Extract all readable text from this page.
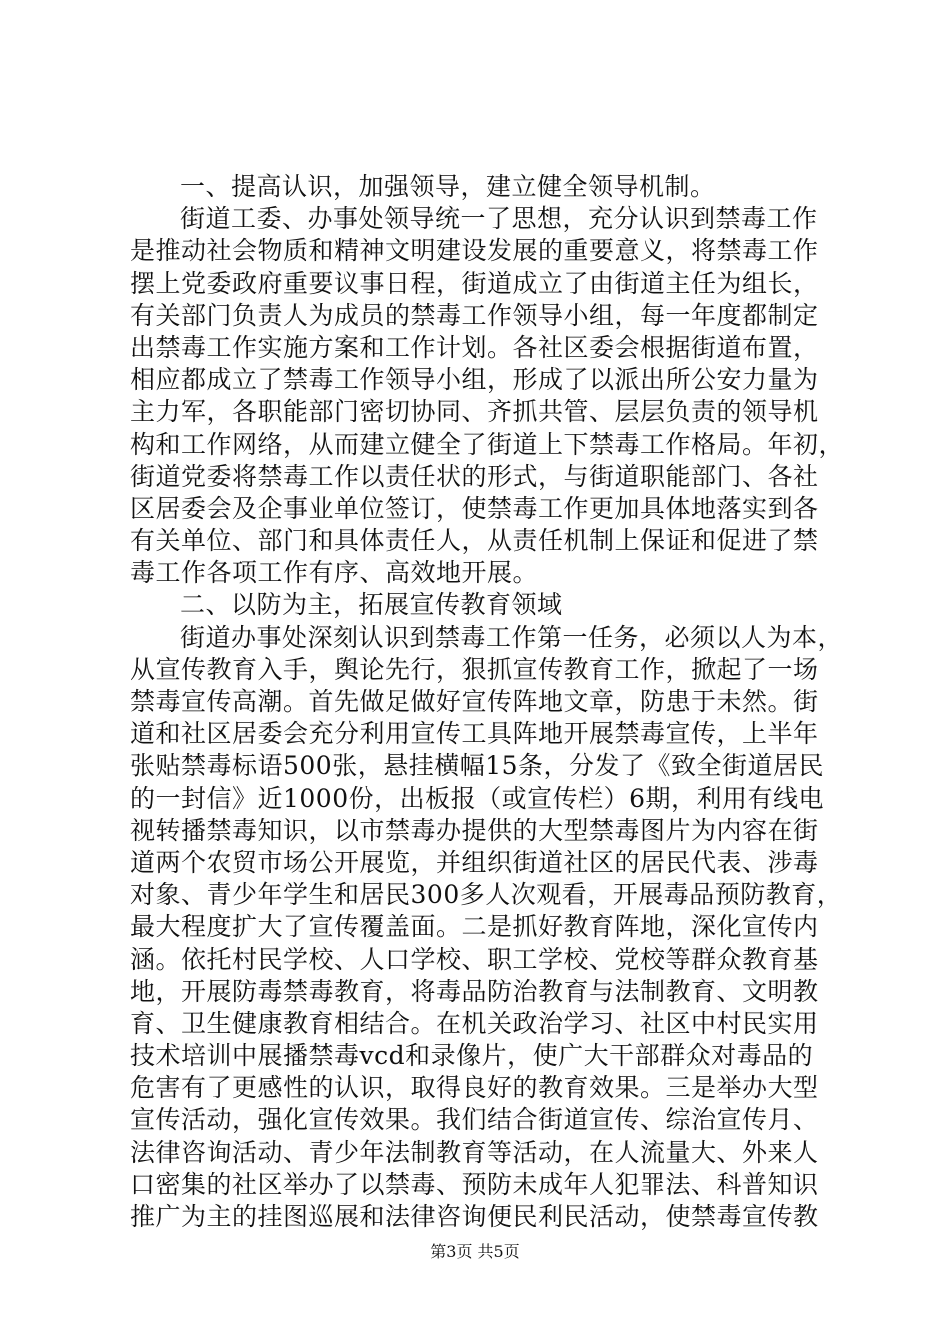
一、提高认识，加强领导，建立健全领导机制。
街道工委、办事处领导统一了思想，充分认识到禁毒工作
是推动社会物质和精神文明建设发展的重要意义，将禁毒工作
摆上党委政府重要议事日程，街道成立了由街道主任为组长，
有关部门负责人为成员的禁毒工作领导小组，每一年度都制定
出禁毒工作实施方案和工作计划。各社区委会根据街道布置，
相应都成立了禁毒工作领导小组，形成了以派出所公安力量为
主力军，各职能部门密切协同、齐抓共管、层层负责的领导机
构和工作网络，从而建立健全了街道上下禁毒工作格局。年初，
街道党委将禁毒工作以责任状的形式，与街道职能部门、各社
区居委会及企事业单位签订，使禁毒工作更加具体地落实到各
有关单位、部门和具体责任人，从责任机制上保证和促进了禁
毒工作各项工作有序、高效地开展。
二、以防为主，拓展宣传教育领域
街道办事处深刻认识到禁毒工作第一任务，必须以人为本，
从宣传教育入手，舆论先行，狠抓宣传教育工作，掀起了一场
禁毒宣传高潮。首先做足做好宣传阵地文章，防患于未然。街
道和社区居委会充分利用宣传工具阵地开展禁毒宣传，上半年
张贴禁毒标语500张，悬挂横幅15条，分发了《致全街道居民
的一封信》近1000份，出板报（或宣传栏）6期，利用有线电
视转播禁毒知识，以市禁毒办提供的大型禁毒图片为内容在街
道两个农贸市场公开展览，并组织街道社区的居民代表、涉毒
对象、青少年学生和居民300多人次观看，开展毒品预防教育，
最大程度扩大了宣传覆盖面。二是抓好教育阵地，深化宣传内
涵。依托村民学校、人口学校、职工学校、党校等群众教育基
地，开展防毒禁毒教育，将毒品防治教育与法制教育、文明教
育、卫生健康教育相结合。在机关政治学习、社区中村民实用
技术培训中展播禁毒vcd和录像片，使广大干部群众对毒品的
危害有了更感性的认识，取得良好的教育效果。三是举办大型
宣传活动，强化宣传效果。我们结合街道宣传、综治宣传月、
法律咨询活动、青少年法制教育等活动，在人流量大、外来人
口密集的社区举办了以禁毒、预防未成年人犯罪法、科普知识
推广为主的挂图巡展和法律咨询便民利民活动，使禁毒宣传教
第3页 共5页
